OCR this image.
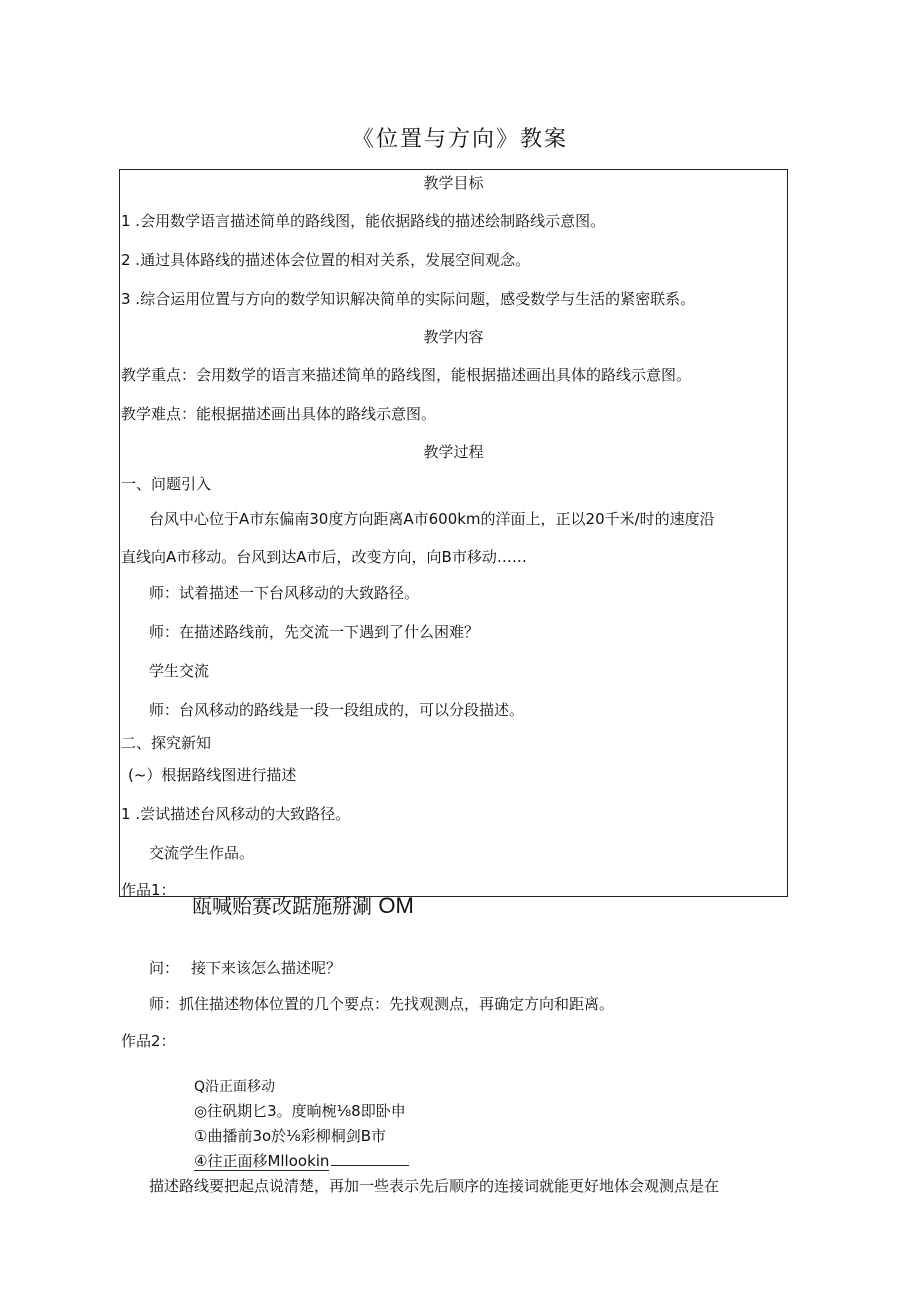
《位置与方向》教案
教学目标
1 .会用数学语言描述简单的路线图，能依据路线的描述绘制路线示意图。
2 .通过具体路线的描述体会位置的相对关系，发展空间观念。
3 .综合运用位置与方向的数学知识解决简单的实际问题，感受数学与生活的紧密联系。
教学内容
教学重点：会用数学的语言来描述简单的路线图，能根据描述画出具体的路线示意图。
教学难点：能根据描述画出具体的路线示意图。
教学过程
一、问题引入
台风中心位于A市东偏南30度方向距离A市600km的洋面上，正以20千米/时的速度沿
直线向A市移动。台风到达A市后，改变方向，向B市移动……
师：试着描述一下台风移动的大致路径。
师：在描述路线前，先交流一下遇到了什么困难？
学生交流
师：台风移动的路线是一段一段组成的，可以分段描述。
二、探究新知
(~）根据路线图进行描述
1 .尝试描述台风移动的大致路径。
交流学生作品。
作品1：
瓯喊贻赛改踮施掰涮 OM
问： 接下来该怎么描述呢？
师：抓住描述物体位置的几个要点：先找观测点，再确定方向和距离。
作品2：
Q沿正面移动
◎往矾期匕3。度晌椀⅛8即卧申
①曲播前3o於⅛彩柳桐剑B市
④往正面移Mllookin
描述路线要把起点说清楚，再加一些表示先后顺序的连接词就能更好地体会观测点是在
